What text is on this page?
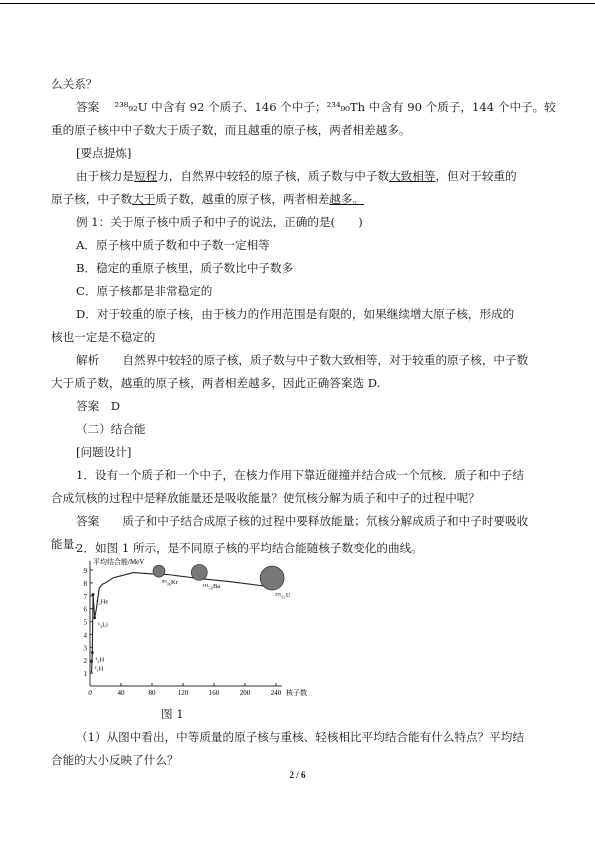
么关系？
答案　 ²³⁸₉₂U 中含有 92 个质子、146 个中子；²³⁴₉₀Th 中含有 90 个质子，144 个中子。较
重的原子核中中子数大于质子数，而且越重的原子核，两者相差越多。
[要点提炼]
由于核力是短程力，自然界中较轻的原子核，质子数与中子数大致相等，但对于较重的
原子核，中子数大于质子数，越重的原子核，两者相差越多。
例 1：关于原子核中质子和中子的说法，正确的是(　　)
A．原子核中质子数和中子数一定相等
B．稳定的重原子核里，质子数比中子数多
C．原子核都是非常稳定的
D．对于较重的原子核，由于核力的作用范围是有限的，如果继续增大原子核，形成的
核也一定是不稳定的
解析　　 自然界中较轻的原子核，质子数与中子数大致相等，对于较重的原子核，中子数
大于质子数，越重的原子核，两者相差越多，因此正确答案选 D.
答案　D
（二）结合能
[问题设计]
1．设有一个质子和一个中子，在核力作用下靠近碰撞并结合成一个氘核．质子和中子结
合成氘核的过程中是释放能量还是吸收能量？使氘核分解为质子和中子的过程中呢？
答案　　 质子和中子结合成原子核的过程中要释放能量；氘核分解成质子和中子时要吸收
能量．
2．如图 1 所示，是不同原子核的平均结合能随核子数变化的曲线。
1
2
3
4
5
6
7
8
9
0	40	80	120	160	200	240
平均结合能/MeV
核子数
⁴₂He
⁶₃Li
²₁H
³₁H
⁸⁹₃₆Kr
¹⁴¹₅₆Ba
²³⁵₉₂U
图 1
（1）从图中看出，中等质量的原子核与重核、轻核相比平均结合能有什么特点？平均结
合能的大小反映了什么？
2 / 6
